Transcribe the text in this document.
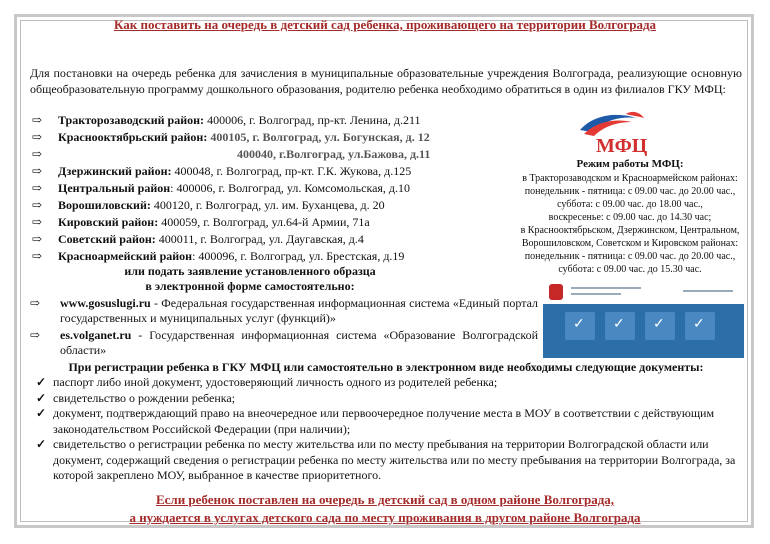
Как поставить на очередь в детский сад ребенка, проживающего на территории Волгограда
Для постановки на очередь ребенка для зачисления в муниципальные образовательные учреждения Волгограда, реализующие основную общеобразовательную программу дошкольного образования, родителю ребенка необходимо обратиться в один из филиалов ГКУ МФЦ:
⇨ Тракторозаводский район: 400006, г. Волгоград, пр-кт. Ленина, д.211
⇨ Краснооктябрьский район: 400105, г. Волгоград, ул. Богунская, д. 12
⇨	400040, г.Волгоград, ул.Бажова, д.11
⇨ Дзержинский район: 400048, г. Волгоград, пр-кт. Г.К. Жукова, д.125
⇨ Центральный район: 400006, г. Волгоград, ул. Комсомольская, д.10
⇨ Ворошиловский: 400120, г. Волгоград, ул. им. Буханцева, д. 20
⇨ Кировский район: 400059, г. Волгоград, ул.64-й Армии, 71а
⇨ Советский район: 400011, г. Волгоград, ул. Даугавская, д.4
⇨ Красноармейский район: 400096, г. Волгоград, ул. Брестская, д.19
МФЦ
Режим работы МФЦ:
в Тракторозаводском и Красноармейском районах:
понедельник - пятница: с 09.00 час. до 20.00 час.,
суббота: с 09.00 час. до 18.00 час.,
воскресенье: с 09.00 час. до 14.30 час;
в Краснооктябрьском, Дзержинском, Центральном,
Ворошиловском, Советском и Кировском районах:
понедельник - пятница: с 09.00 час. до 20.00 час.,
суббота: с 09.00 час. до 15.30 час.
или подать заявление установленного образца
в электронной форме самостоятельно:
⇨ www.gosuslugi.ru - Федеральная государственная информационная система «Единый портал государственных и муниципальных услуг (функций)»
⇨ es.volganet.ru - Государственная информационная система «Образование Волгоградской области»
✓ ✓ ✓ ✓
При регистрации ребенка в ГКУ МФЦ или самостоятельно в электронном виде необходимы следующие документы:
✓ паспорт либо иной документ, удостоверяющий личность одного из родителей ребенка;
✓ свидетельство о рождении ребенка;
✓ документ, подтверждающий право на внеочередное или первоочередное получение места в МОУ в соответствии с действующим законодательством Российской Федерации (при наличии);
✓ свидетельство о регистрации ребенка по месту жительства или по месту пребывания на территории Волгоградской области или документ, содержащий сведения о регистрации ребенка по месту жительства или по месту пребывания на территории Волгограда, за которой закреплено МОУ, выбранное в качестве приоритетного.
Если ребенок поставлен на очередь в детский сад в одном районе Волгограда,
а нуждается в услугах детского сада по месту проживания в другом районе Волгограда
